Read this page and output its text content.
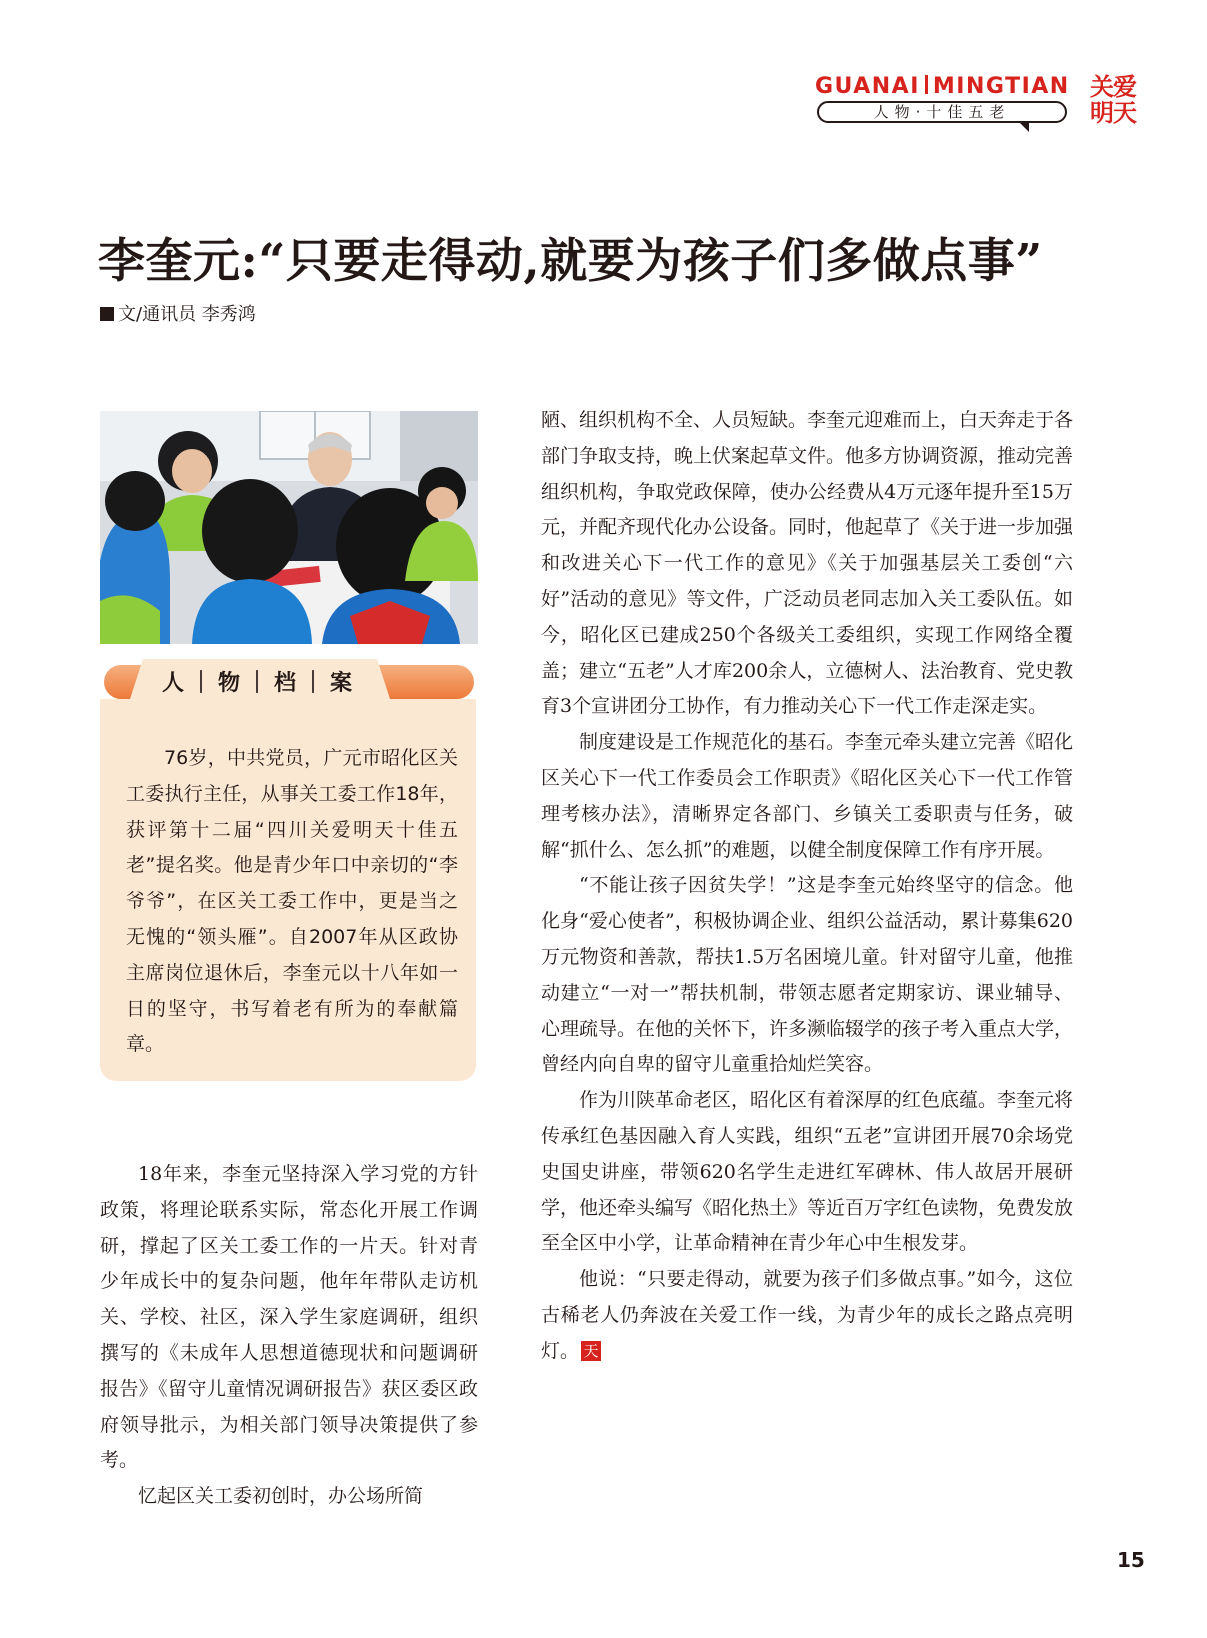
GUANAI MINGTIAN
人物·十佳五老
关爱
明天
李奎元:“只要走得动,就要为孩子们多做点事”
文/通讯员 李秀鸿
人｜物｜档｜案

76岁，中共党员，广元市昭化区关工委执行主任，从事关工委工作18年，获评第十二届“四川关爱明天十佳五老”提名奖。他是青少年口中亲切的“李爷爷”，在区关工委工作中，更是当之无愧的“领头雁”。自2007年从区政协主席岗位退休后，李奎元以十八年如一日的坚守，书写着老有所为的奉献篇章。

18年来，李奎元坚持深入学习党的方针政策，将理论联系实际，常态化开展工作调研，撑起了区关工委工作的一片天。针对青少年成长中的复杂问题，他年年带队走访机关、学校、社区，深入学生家庭调研，组织撰写的《未成年人思想道德现状和问题调研报告》《留守儿童情况调研报告》获区委区政府领导批示，为相关部门领导决策提供了参考。

忆起区关工委初创时，办公场所简

陋、组织机构不全、人员短缺。李奎元迎难而上，白天奔走于各部门争取支持，晚上伏案起草文件。他多方协调资源，推动完善组织机构，争取党政保障，使办公经费从4万元逐年提升至15万元，并配齐现代化办公设备。同时，他起草了《关于进一步加强和改进关心下一代工作的意见》《关于加强基层关工委创“六好”活动的意见》等文件，广泛动员老同志加入关工委队伍。如今，昭化区已建成250个各级关工委组织，实现工作网络全覆盖；建立“五老”人才库200余人，立德树人、法治教育、党史教育3个宣讲团分工协作，有力推动关心下一代工作走深走实。

制度建设是工作规范化的基石。李奎元牵头建立完善《昭化区关心下一代工作委员会工作职责》《昭化区关心下一代工作管理考核办法》，清晰界定各部门、乡镇关工委职责与任务，破解“抓什么、怎么抓”的难题，以健全制度保障工作有序开展。

“不能让孩子因贫失学！”这是李奎元始终坚守的信念。他化身“爱心使者”，积极协调企业、组织公益活动，累计募集620万元物资和善款，帮扶1.5万名困境儿童。针对留守儿童，他推动建立“一对一”帮扶机制，带领志愿者定期家访、课业辅导、心理疏导。在他的关怀下，许多濒临辍学的孩子考入重点大学，曾经内向自卑的留守儿童重拾灿烂笑容。

作为川陕革命老区，昭化区有着深厚的红色底蕴。李奎元将传承红色基因融入育人实践，组织“五老”宣讲团开展70余场党史国史讲座，带领620名学生走进红军碑林、伟人故居开展研学，他还牵头编写《昭化热土》等近百万字红色读物，免费发放至全区中小学，让革命精神在青少年心中生根发芽。

他说：“只要走得动，就要为孩子们多做点事。”如今，这位古稀老人仍奔波在关爱工作一线，为青少年的成长之路点亮明灯。 天

15
